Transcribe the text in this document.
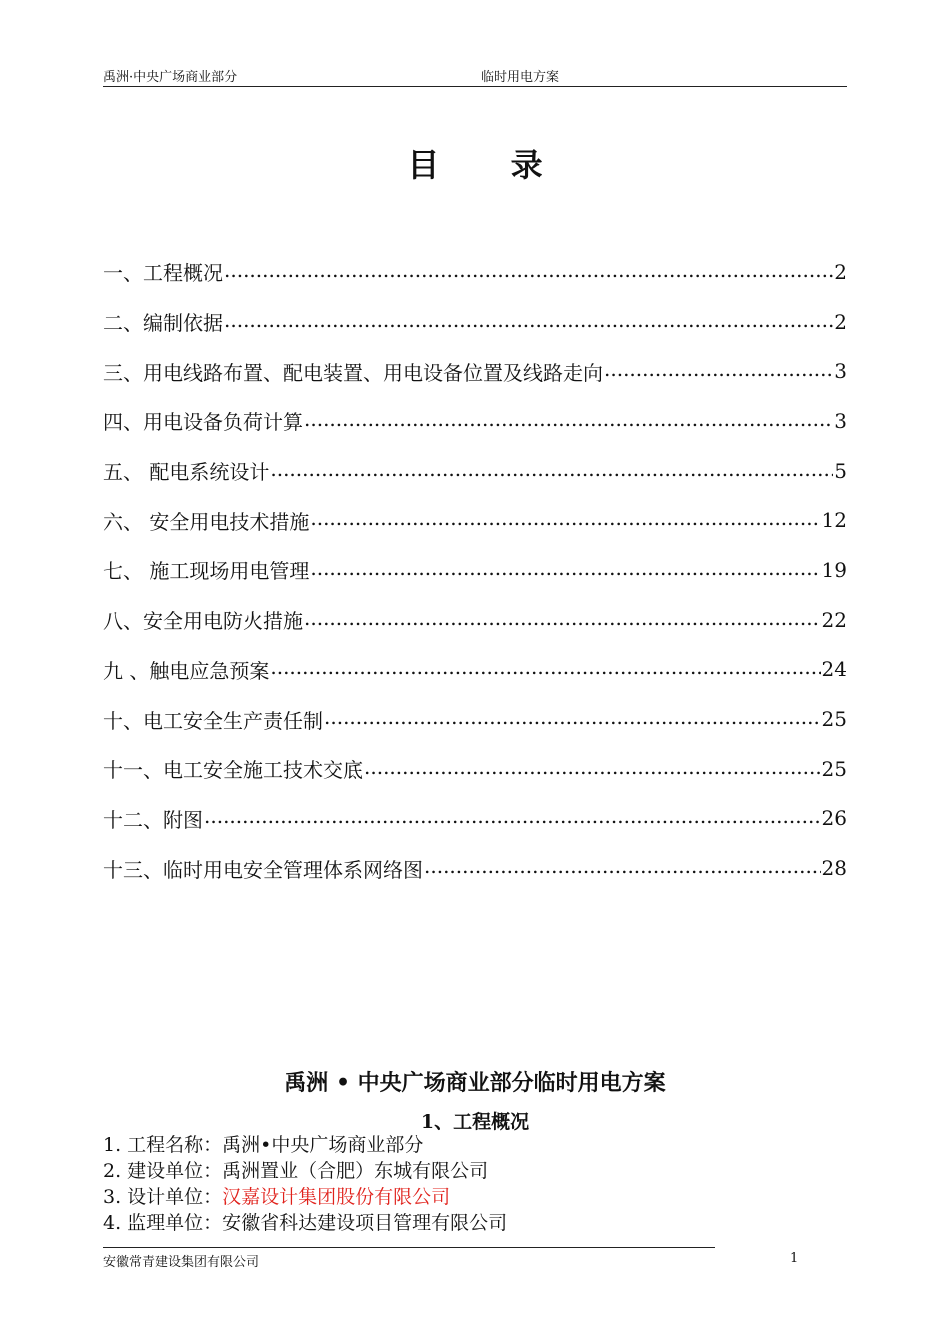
禹洲·中央广场商业部分	临时用电方案
目 录
一、工程概况 .....	2
二、编制依据 .....	2
三、用电线路布置、配电装置、用电设备位置及线路走向 .....	3
四、用电设备负荷计算 .....	3
五、 配电系统设计 .....	5
六、 安全用电技术措施 .....	12
七、 施工现场用电管理 .....	19
八、安全用电防火措施 .....	22
九 、触电应急预案 .....	24
十、电工安全生产责任制 .....	25
十一、电工安全施工技术交底 .....	25
十二、附图 .....	26
十三、临时用电安全管理体系网络图 .....	28
禹洲 • 中央广场商业部分临时用电方案
1、工程概况
1. 工程名称：禹洲•中央广场商业部分
2. 建设单位：禹洲置业（合肥）东城有限公司
3. 设计单位：汉嘉设计集团股份有限公司
4. 监理单位：安徽省科达建设项目管理有限公司
安徽常青建设集团有限公司	1
